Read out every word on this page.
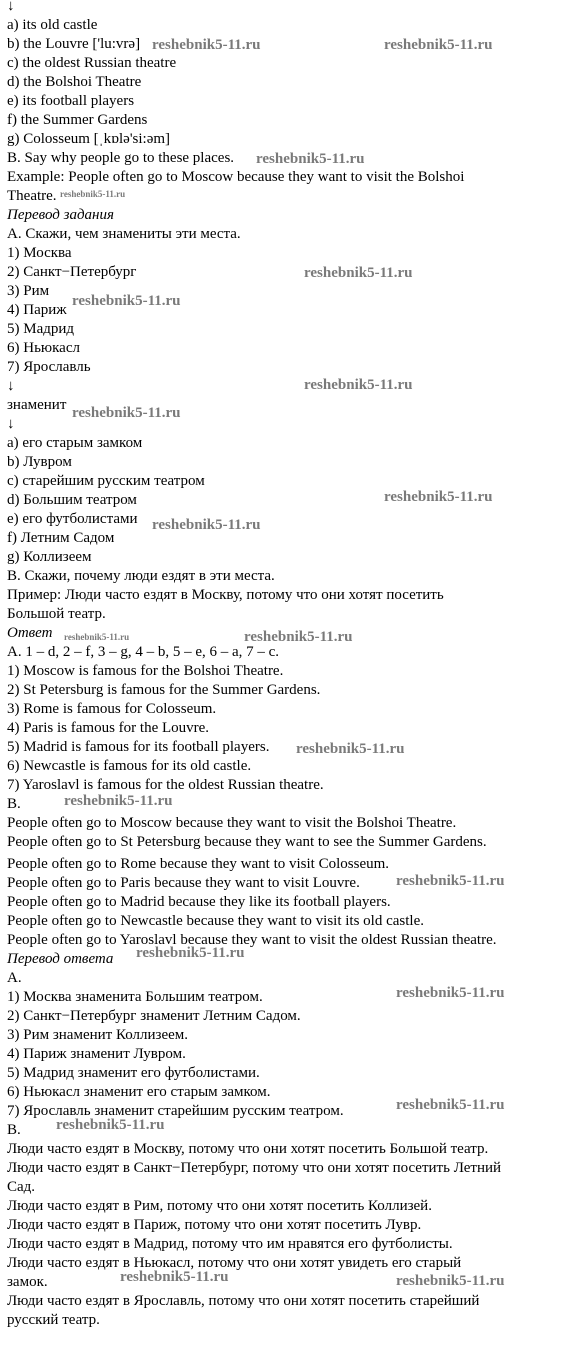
↓
a) its old castle
b) the Louvre ['lu:vrə]
c) the oldest Russian theatre
d) the Bolshoi Theatre
e) its football players
f) the Summer Gardens
g) Colosseum [ˌkɒlə'si:əm]
B. Say why people go to these places.
Example: People often go to Moscow because they want to visit the Bolshoi
Theatre.
Перевод задания
A. Скажи, чем знамениты эти места.
1) Москва
2) Санкт−Петербург
3) Рим
4) Париж
5) Мадрид
6) Ньюкасл
7) Ярославль
↓
знаменит
↓
a) его старым замком
b) Лувром
c) старейшим русским театром
d) Большим театром
e) его футболистами
f) Летним Садом
g) Коллизеем
B. Скажи, почему люди ездят в эти места.
Пример: Люди часто ездят в Москву, потому что они хотят посетить
Большой театр.
Ответ
A. 1 – d, 2 – f, 3 – g, 4 – b, 5 – e, 6 – a, 7 – c.
1) Moscow is famous for the Bolshoi Theatre.
2) St Petersburg is famous for the Summer Gardens.
3) Rome is famous for Colosseum.
4) Paris is famous for the Louvre.
5) Madrid is famous for its football players.
6) Newcastle is famous for its old castle.
7) Yaroslavl is famous for the oldest Russian theatre.
B.
People often go to Moscow because they want to visit the Bolshoi Theatre.
People often go to St Petersburg because they want to see the Summer Gardens.
People often go to Rome because they want to visit Colosseum.
People often go to Paris because they want to visit Louvre.
People often go to Madrid because they like its football players.
People often go to Newcastle because they want to visit its old castle.
People often go to Yaroslavl because they want to visit the oldest Russian theatre.
Перевод ответа
A.
1) Москва знаменита Большим театром.
2) Санкт−Петербург знаменит Летним Садом.
3) Рим знаменит Коллизеем.
4) Париж знаменит Лувром.
5) Мадрид знаменит его футболистами.
6) Ньюкасл знаменит его старым замком.
7) Ярославль знаменит старейшим русским театром.
B.
Люди часто ездят в Москву, потому что они хотят посетить Большой театр.
Люди часто ездят в Санкт−Петербург, потому что они хотят посетить Летний
Сад.
Люди часто ездят в Рим, потому что они хотят посетить Коллизей.
Люди часто ездят в Париж, потому что они хотят посетить Лувр.
Люди часто ездят в Мадрид, потому что им нравятся его футболисты.
Люди часто ездят в Ньюкасл, потому что они хотят увидеть его старый
замок.
Люди часто ездят в Ярославль, потому что они хотят посетить старейший
русский театр.
reshebnik5-11.ru	reshebnik5-11.ru
reshebnik5-11.ru
reshebnik5-11.ru
reshebnik5-11.ru
reshebnik5-11.ru
reshebnik5-11.ru
reshebnik5-11.ru
reshebnik5-11.ru
reshebnik5-11.ru
reshebnik5-11.ru	reshebnik5-11.ru
reshebnik5-11.ru
reshebnik5-11.ru
reshebnik5-11.ru
reshebnik5-11.ru
reshebnik5-11.ru
reshebnik5-11.ru
reshebnik5-11.ru
reshebnik5-11.ru	reshebnik5-11.ru
